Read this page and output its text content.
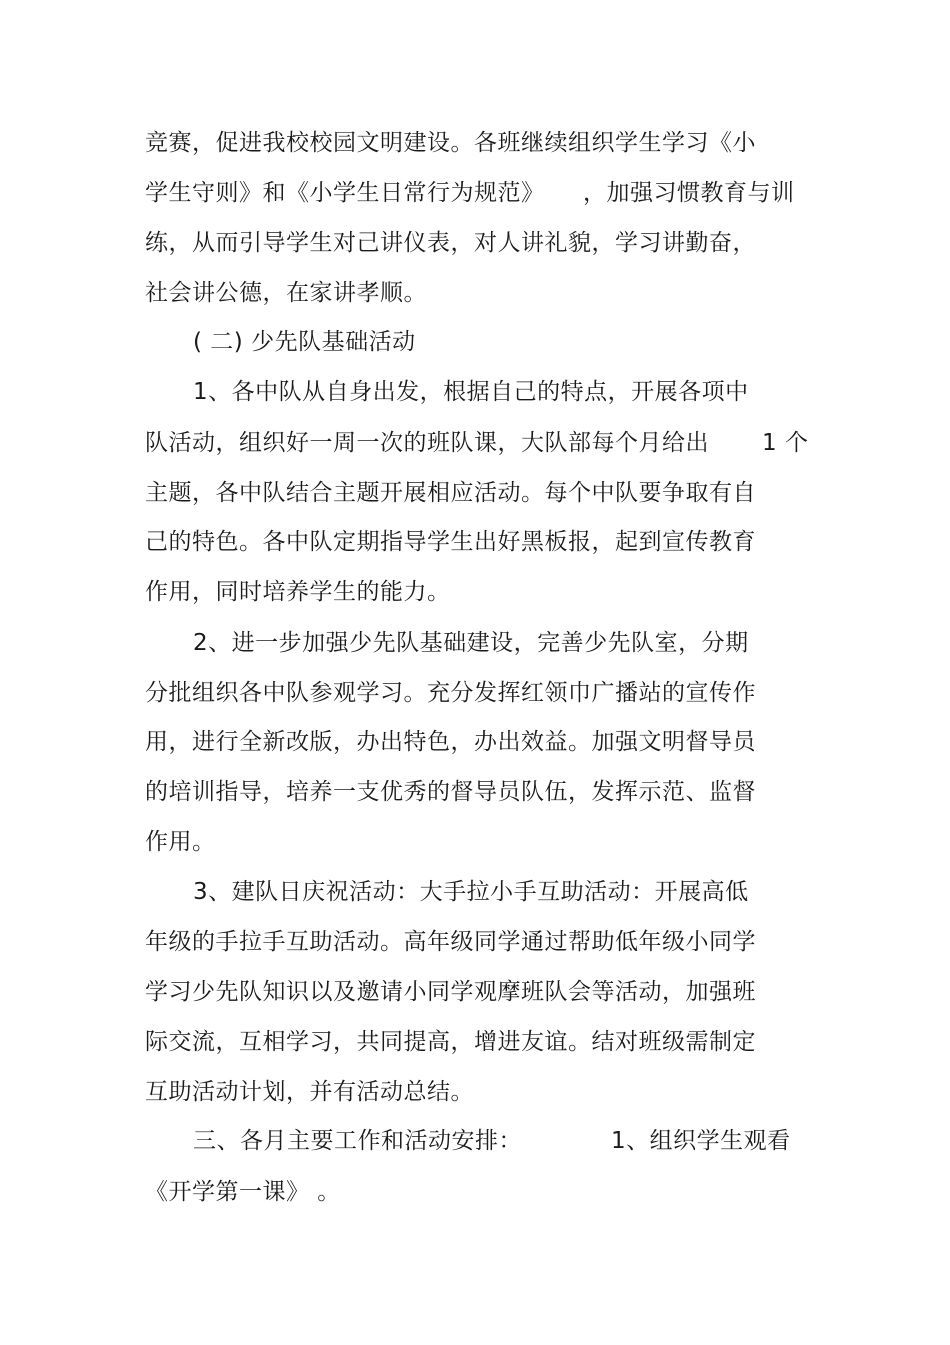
竞赛，促进我校校园文明建设。各班继续组织学生学习《小
学生守则》和《小学生日常行为规范》 ，加强习惯教育与训
练，从而引导学生对己讲仪表，对人讲礼貌，学习讲勤奋，
社会讲公德，在家讲孝顺。
( 二) 少先队基础活动
1、各中队从自身出发，根据自己的特点，开展各项中
队活动，组织好一周一次的班队课，大队部每个月给出 1 个
主题，各中队结合主题开展相应活动。每个中队要争取有自
己的特色。各中队定期指导学生出好黑板报，起到宣传教育
作用，同时培养学生的能力。
2、进一步加强少先队基础建设，完善少先队室，分期
分批组织各中队参观学习。充分发挥红领巾广播站的宣传作
用，进行全新改版，办出特色，办出效益。加强文明督导员
的培训指导，培养一支优秀的督导员队伍，发挥示范、监督
作用。
3、建队日庆祝活动：大手拉小手互助活动：开展高低
年级的手拉手互助活动。高年级同学通过帮助低年级小同学
学习少先队知识以及邀请小同学观摩班队会等活动，加强班
际交流，互相学习，共同提高，增进友谊。结对班级需制定
互助活动计划，并有活动总结。
三、各月主要工作和活动安排：	1、组织学生观看
《开学第一课》 。
